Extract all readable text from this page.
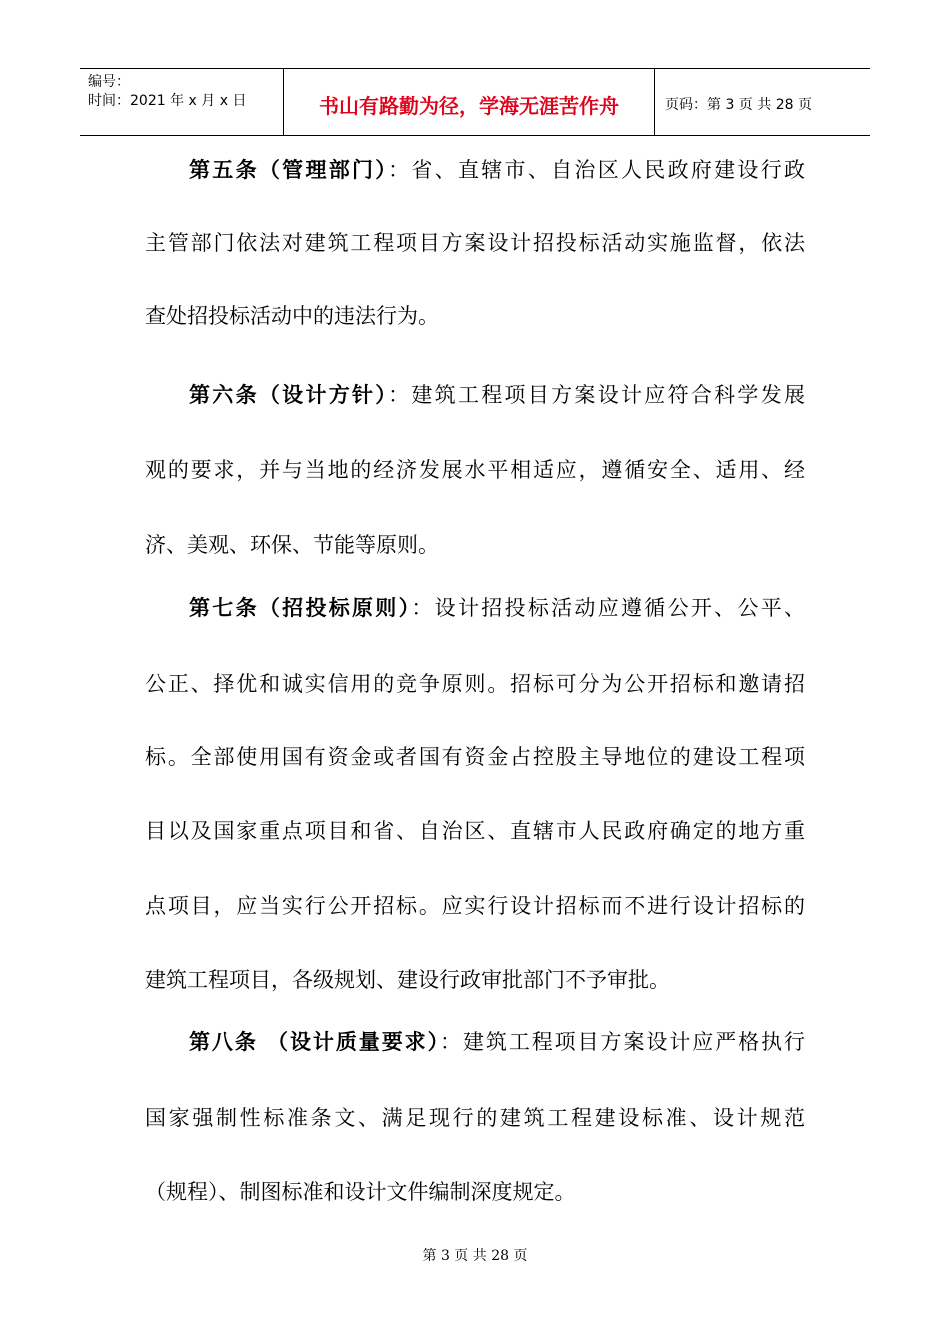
编号：
时间：2021 年 x 月 x 日	书山有路勤为径，学海无涯苦作舟	页码：第 3 页 共 28 页
第五条（管理部门）：省、直辖市、自治区人民政府建设行政
主管部门依法对建筑工程项目方案设计招投标活动实施监督，依法
查处招投标活动中的违法行为。
第六条（设计方针）：建筑工程项目方案设计应符合科学发展
观的要求，并与当地的经济发展水平相适应，遵循安全、适用、经
济、美观、环保、节能等原则。
第七条（招投标原则）：设计招投标活动应遵循公开、公平、
公正、择优和诚实信用的竞争原则。招标可分为公开招标和邀请招
标。全部使用国有资金或者国有资金占控股主导地位的建设工程项
目以及国家重点项目和省、自治区、直辖市人民政府确定的地方重
点项目，应当实行公开招标。应实行设计招标而不进行设计招标的
建筑工程项目，各级规划、建设行政审批部门不予审批。
第八条 （设计质量要求）：建筑工程项目方案设计应严格执行
国家强制性标准条文、满足现行的建筑工程建设标准、设计规范
（规程）、制图标准和设计文件编制深度规定。
第 3 页 共 28 页
